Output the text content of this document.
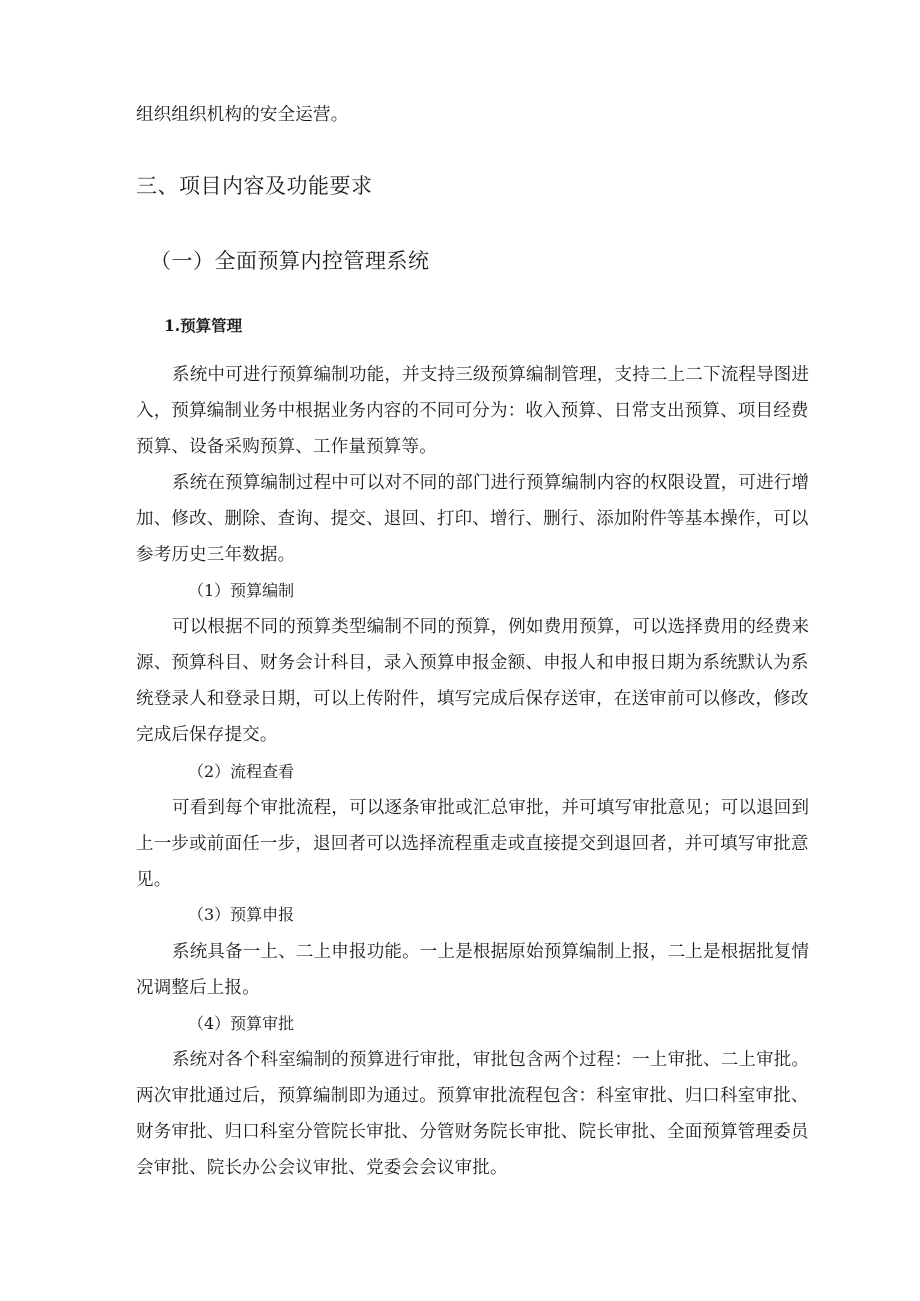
组织组织机构的安全运营。

三、项目内容及功能要求
（一）全面预算内控管理系统
1.预算管理

系统中可进行预算编制功能，并支持三级预算编制管理，支持二上二下流程导图进

入，预算编制业务中根据业务内容的不同可分为：收入预算、日常支出预算、项目经费

预算、设备采购预算、工作量预算等。

系统在预算编制过程中可以对不同的部门进行预算编制内容的权限设置，可进行增

加、修改、删除、查询、提交、退回、打印、增行、删行、添加附件等基本操作，可以

参考历史三年数据。

（1）预算编制

可以根据不同的预算类型编制不同的预算，例如费用预算，可以选择费用的经费来

源、预算科目、财务会计科目，录入预算申报金额、申报人和申报日期为系统默认为系

统登录人和登录日期，可以上传附件，填写完成后保存送审，在送审前可以修改，修改

完成后保存提交。

（2）流程查看

可看到每个审批流程，可以逐条审批或汇总审批，并可填写审批意见；可以退回到

上一步或前面任一步，退回者可以选择流程重走或直接提交到退回者，并可填写审批意

见。

（3）预算申报

系统具备一上、二上申报功能。一上是根据原始预算编制上报，二上是根据批复情

况调整后上报。

（4）预算审批

系统对各个科室编制的预算进行审批，审批包含两个过程：一上审批、二上审批。

两次审批通过后，预算编制即为通过。预算审批流程包含：科室审批、归口科室审批、

财务审批、归口科室分管院长审批、分管财务院长审批、院长审批、全面预算管理委员

会审批、院长办公会议审批、党委会会议审批。
